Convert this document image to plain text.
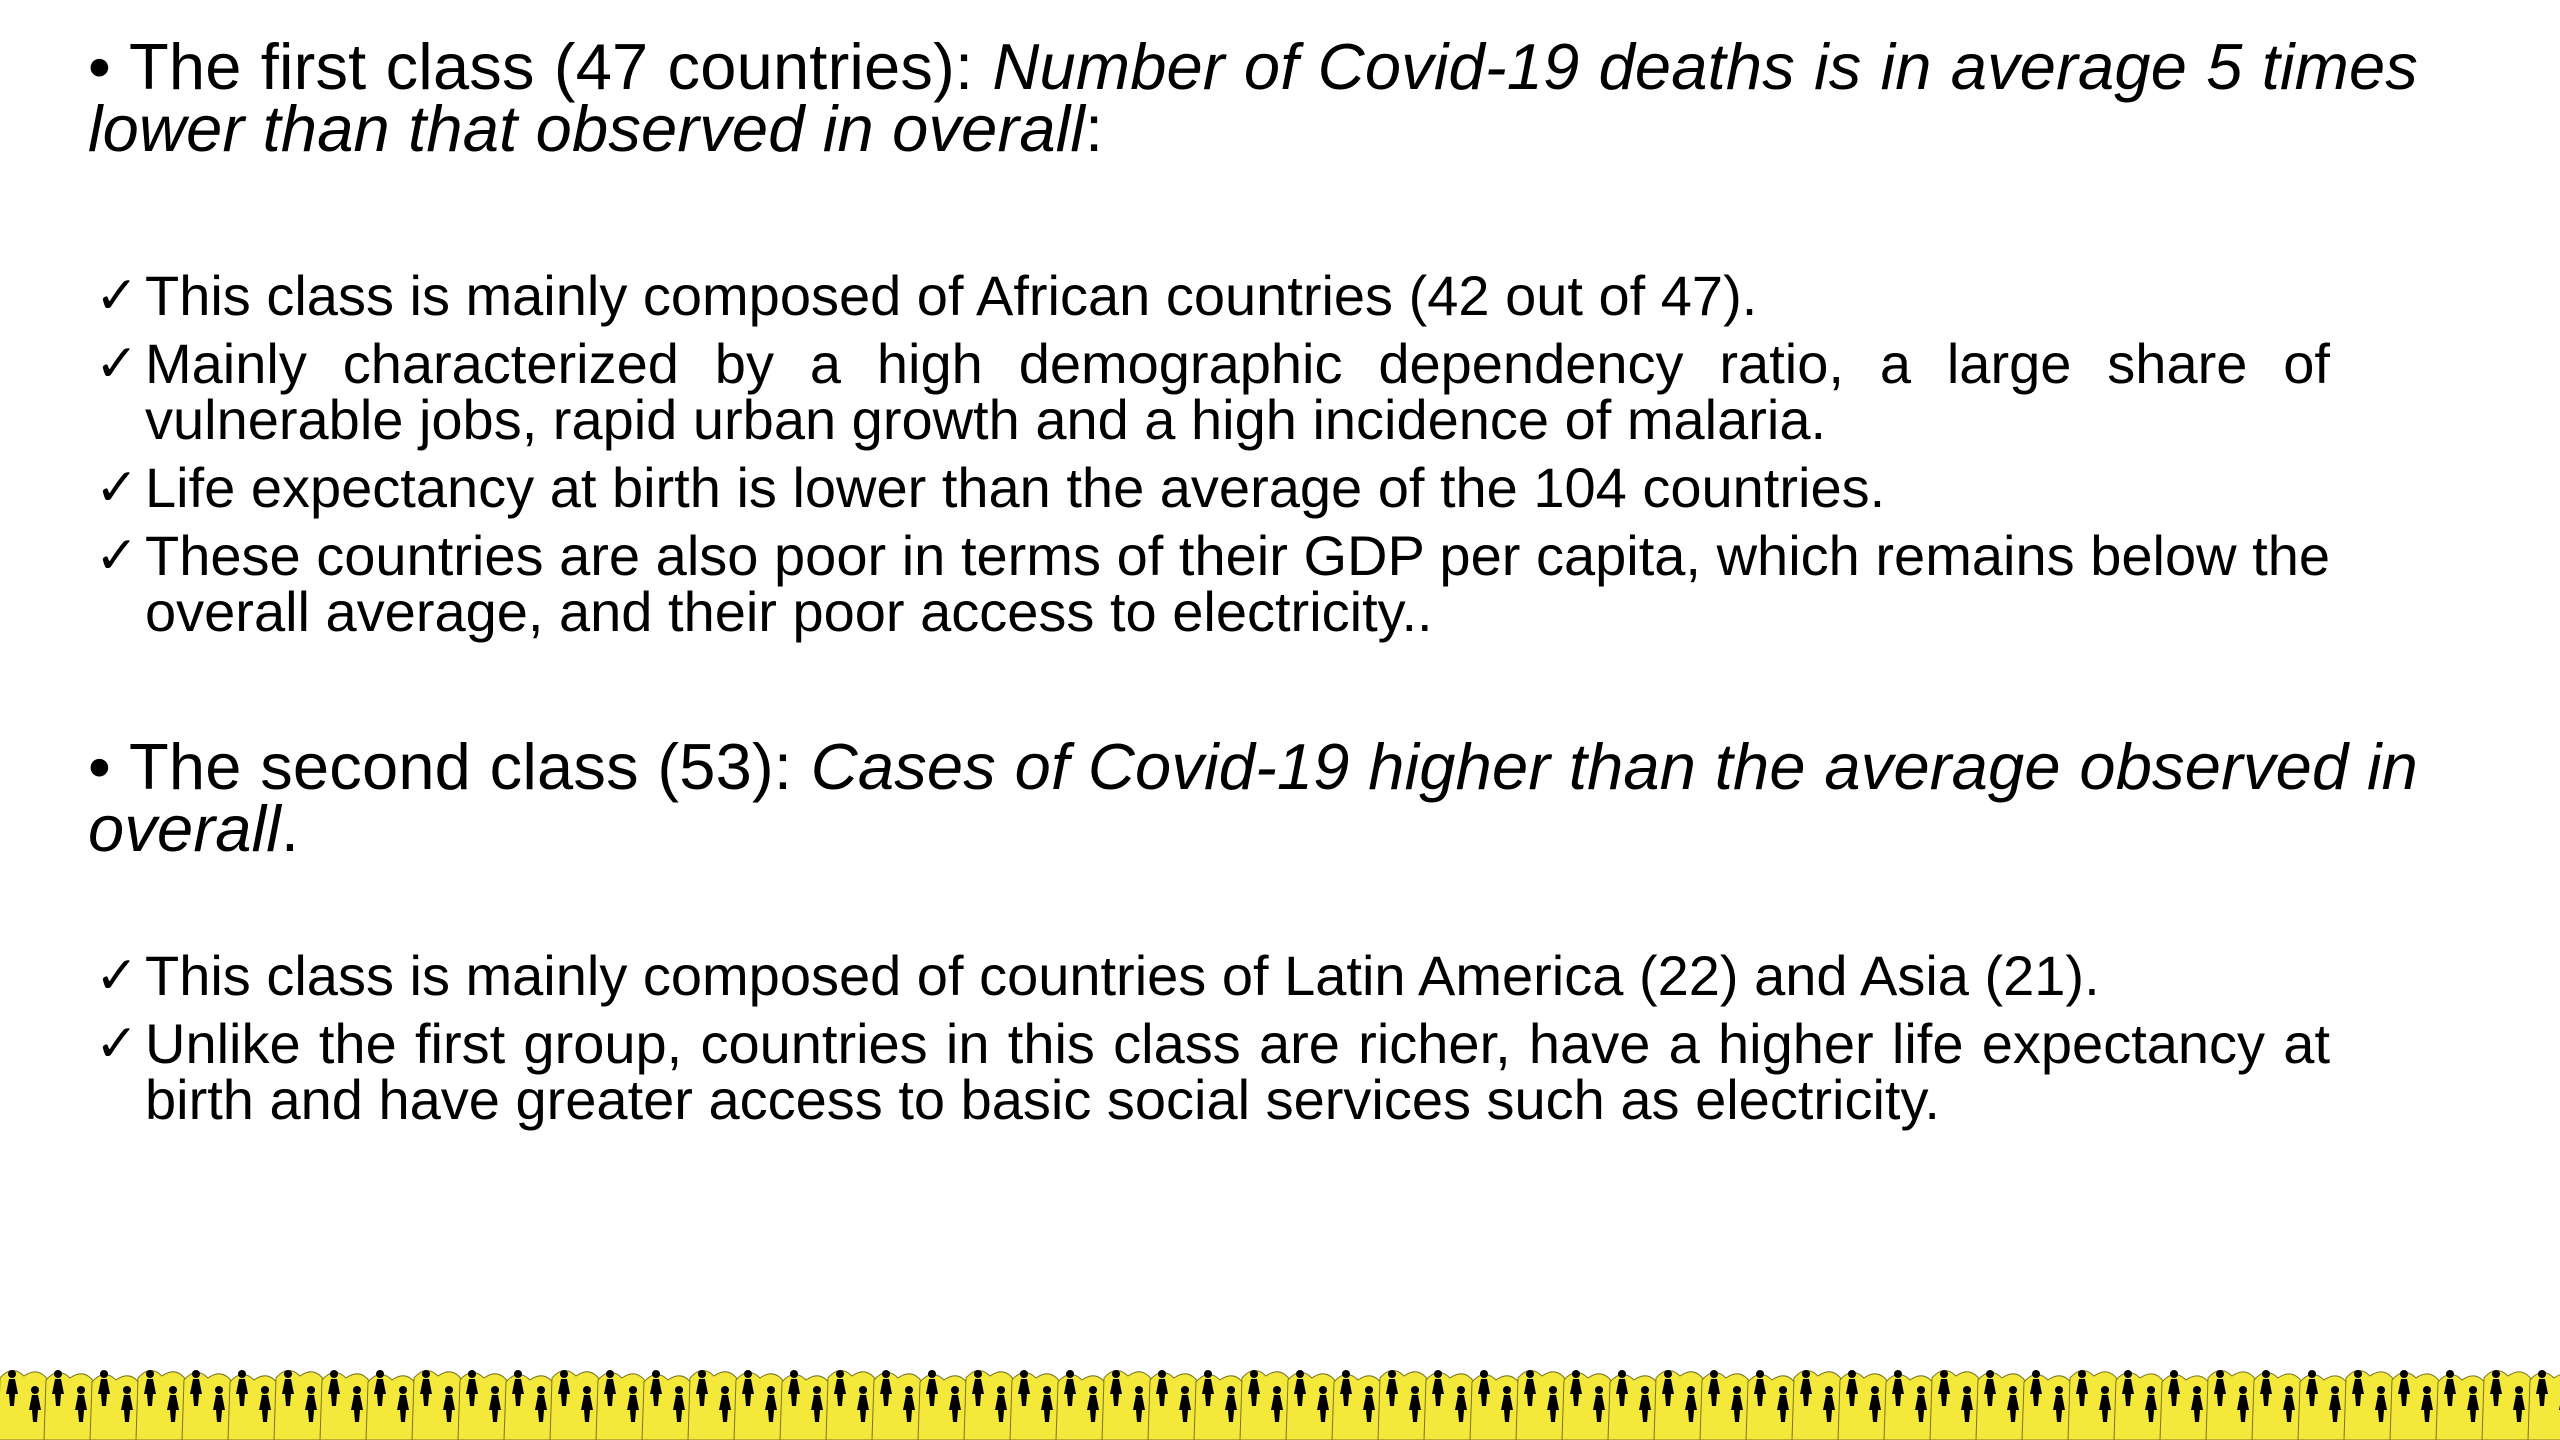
• The first class (47 countries): Number of Covid-19 deaths is in average 5 times lower than that observed in overall:

✓ This class is mainly composed of African countries (42 out of 47).
✓ Mainly characterized by a high demographic dependency ratio, a large share of vulnerable jobs, rapid urban growth and a high incidence of malaria.
✓ Life expectancy at birth is lower than the average of the 104 countries.
✓ These countries are also poor in terms of their GDP per capita, which remains below the overall average, and their poor access to electricity..

• The second class (53): Cases of Covid-19 higher than the average observed in overall.

✓ This class is mainly composed of countries of Latin America (22) and Asia (21).
✓ Unlike the first group, countries in this class are richer, have a higher life expectancy at birth and have greater access to basic social services such as electricity.
